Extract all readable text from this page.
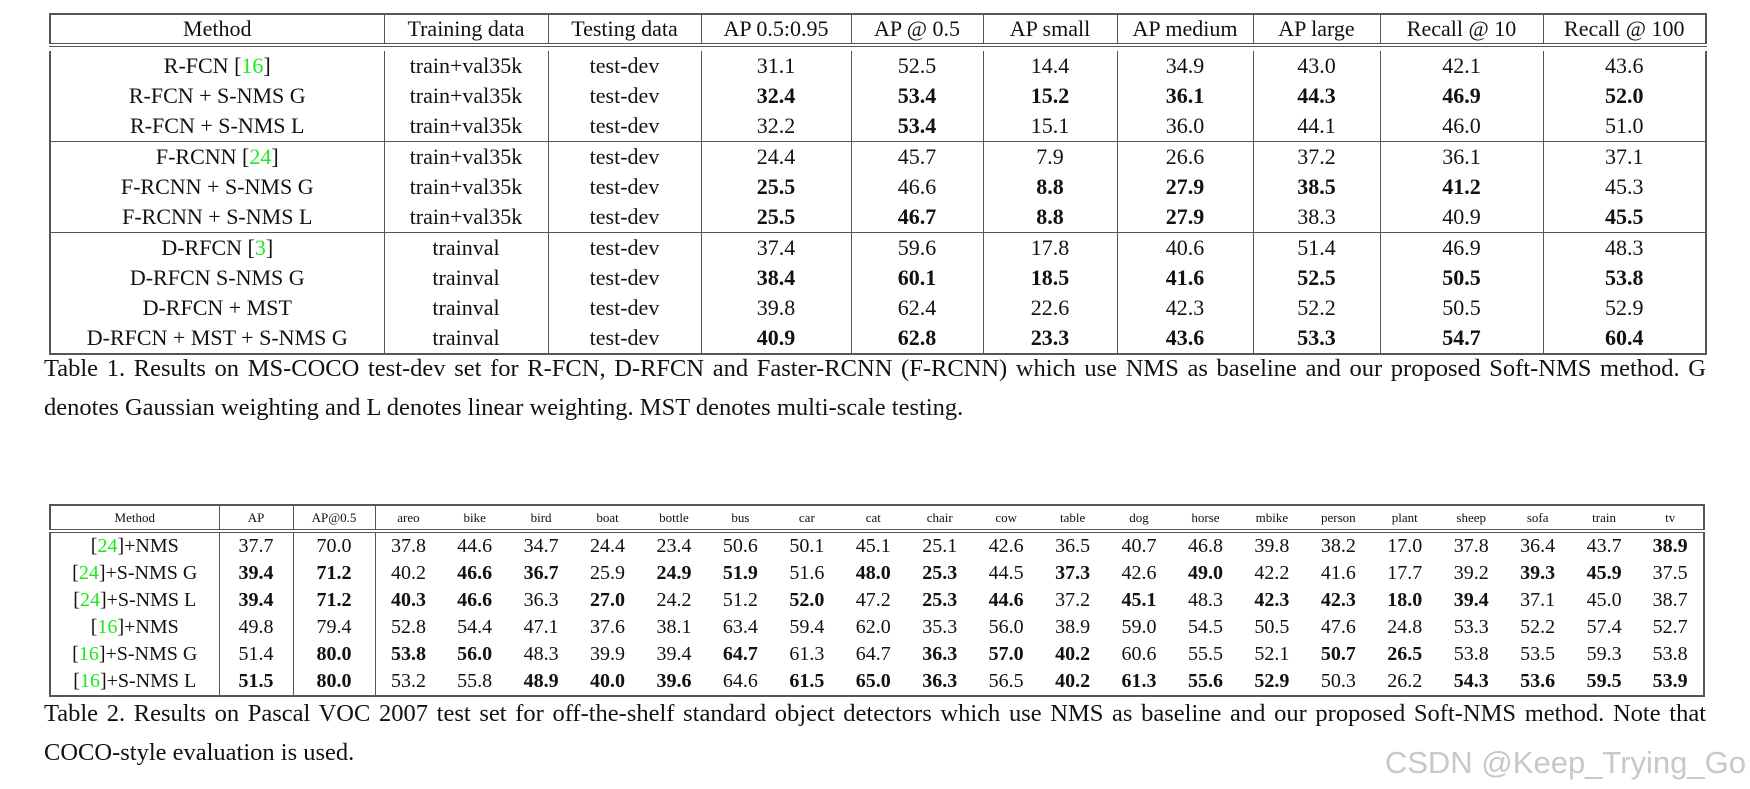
Method	Training data	Testing data	AP 0.5:0.95	AP @ 0.5	AP small	AP medium	AP large	Recall @ 10	Recall @ 100

R-FCN [16]	train+val35k	test-dev	31.1	52.5	14.4	34.9	43.0	42.1	43.6
R-FCN + S-NMS G	train+val35k	test-dev	32.4	53.4	15.2	36.1	44.3	46.9	52.0
R-FCN + S-NMS L	train+val35k	test-dev	32.2	53.4	15.1	36.0	44.1	46.0	51.0
F-RCNN [24]	train+val35k	test-dev	24.4	45.7	7.9	26.6	37.2	36.1	37.1
F-RCNN + S-NMS G	train+val35k	test-dev	25.5	46.6	8.8	27.9	38.5	41.2	45.3
F-RCNN + S-NMS L	train+val35k	test-dev	25.5	46.7	8.8	27.9	38.3	40.9	45.5
D-RFCN [3]	trainval	test-dev	37.4	59.6	17.8	40.6	51.4	46.9	48.3
D-RFCN S-NMS G	trainval	test-dev	38.4	60.1	18.5	41.6	52.5	50.5	53.8
D-RFCN + MST	trainval	test-dev	39.8	62.4	22.6	42.3	52.2	50.5	52.9
D-RFCN + MST + S-NMS G	trainval	test-dev	40.9	62.8	23.3	43.6	53.3	54.7	60.4
Table 1. Results on MS-COCO test-dev set for R-FCN, D-RFCN and Faster-RCNN (F-RCNN) which use NMS as baseline and our proposed Soft-NMS method. G denotes Gaussian weighting and L denotes linear weighting. MST denotes multi-scale testing.
Method	AP	AP@0.5	areo	bike	bird	boat	bottle	bus	car	cat	chair	cow	table	dog	horse	mbike	person	plant	sheep	sofa	train	tv
[24]+NMS	37.7	70.0	37.8	44.6	34.7	24.4	23.4	50.6	50.1	45.1	25.1	42.6	36.5	40.7	46.8	39.8	38.2	17.0	37.8	36.4	43.7	38.9
[24]+S-NMS G	39.4	71.2	40.2	46.6	36.7	25.9	24.9	51.9	51.6	48.0	25.3	44.5	37.3	42.6	49.0	42.2	41.6	17.7	39.2	39.3	45.9	37.5
[24]+S-NMS L	39.4	71.2	40.3	46.6	36.3	27.0	24.2	51.2	52.0	47.2	25.3	44.6	37.2	45.1	48.3	42.3	42.3	18.0	39.4	37.1	45.0	38.7
[16]+NMS	49.8	79.4	52.8	54.4	47.1	37.6	38.1	63.4	59.4	62.0	35.3	56.0	38.9	59.0	54.5	50.5	47.6	24.8	53.3	52.2	57.4	52.7
[16]+S-NMS G	51.4	80.0	53.8	56.0	48.3	39.9	39.4	64.7	61.3	64.7	36.3	57.0	40.2	60.6	55.5	52.1	50.7	26.5	53.8	53.5	59.3	53.8
[16]+S-NMS L	51.5	80.0	53.2	55.8	48.9	40.0	39.6	64.6	61.5	65.0	36.3	56.5	40.2	61.3	55.6	52.9	50.3	26.2	54.3	53.6	59.5	53.9
Table 2. Results on Pascal VOC 2007 test set for off-the-shelf standard object detectors which use NMS as baseline and our proposed Soft-NMS method. Note that COCO-style evaluation is used.	CSDN @Keep_Trying_Go
